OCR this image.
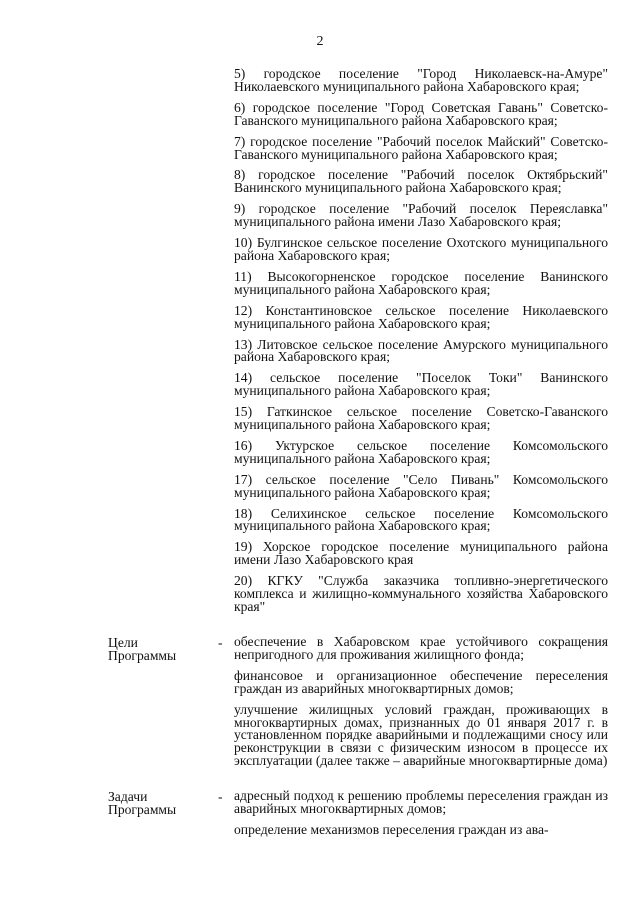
2

5) городское поселение "Город Николаевск-на-Амуре" Николаевского муниципального района Хабаровского края;

6) городское поселение "Город Советская Гавань" Советско-Гаванского муниципального района Хабаровского края;

7) городское поселение "Рабочий поселок Майский" Советско-Гаванского муниципального района Хабаровского края;

8) городское поселение "Рабочий поселок Октябрьский" Ванинского муниципального района Хабаровского края;

9) городское поселение "Рабочий поселок Переяславка" муниципального района имени Лазо Хабаровского края;

10) Булгинское сельское поселение Охотского муниципального района Хабаровского края;

11) Высокогорненское городское поселение Ванинского муниципального района Хабаровского края;

12) Константиновское сельское поселение Николаевского муниципального района Хабаровского края;

13) Литовское сельское поселение Амурского муниципального района Хабаровского края;

14) сельское поселение "Поселок Токи" Ванинского муниципального района Хабаровского края;

15) Гаткинское сельское поселение Советско-Гаванского муниципального района Хабаровского края;

16) Уктурское сельское поселение Комсомольского муниципального района Хабаровского края;

17) сельское поселение "Село Пивань" Комсомольского муниципального района Хабаровского края;

18) Селихинское сельское поселение Комсомольского муниципального района Хабаровского края;

19) Хорское городское поселение муниципального района имени Лазо Хабаровского края

20) КГКУ "Служба заказчика топливно-энергетического комплекса и жилищно-коммунального хозяйства Хабаровского края"

Цели Программы
- обеспечение в Хабаровском крае устойчивого сокращения непригодного для проживания жилищного фонда;

финансовое и организационное обеспечение переселения граждан из аварийных многоквартирных домов;

улучшение жилищных условий граждан, проживающих в многоквартирных домах, признанных до 01 января 2017 г. в установленном порядке аварийными и подлежащими сносу или реконструкции в связи с физическим износом в процессе их эксплуатации (далее также – аварийные многоквартирные дома)

Задачи Программы
- адресный подход к решению проблемы переселения граждан из аварийных многоквартирных домов;

определение механизмов переселения граждан из ава-
